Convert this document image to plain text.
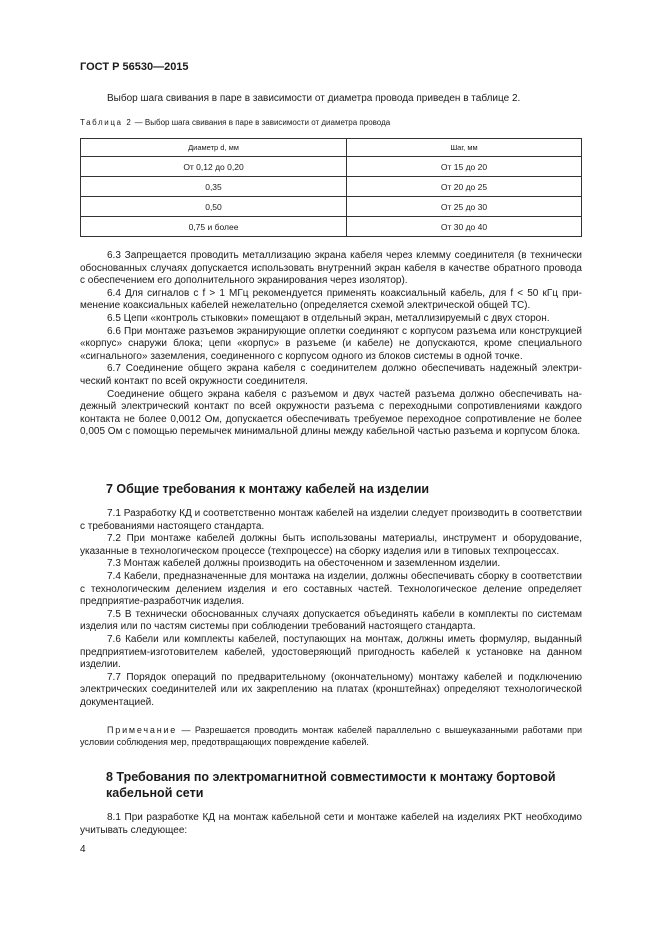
ГОСТ Р 56530—2015
Выбор шага свивания в паре в зависимости от диаметра провода приведен в таблице 2.
Таблица 2 — Выбор шага свивания в паре в зависимости от диаметра провода
Диаметр d, мм	Шаг, мм
От 0,12 до 0,20	От 15 до 20
0,35	От 20 до 25
0,50	От 25 до 30
0,75 и более	От 30 до 40

6.3 Запрещается проводить металлизацию экрана кабеля через клемму соединителя (в технически обоснованных случаях допускается использовать внутренний экран кабеля в качестве обратного провода с обеспечением его дополнительного экранирования через изолятор).

6.4 Для сигналов с f > 1 МГц рекомендуется применять коаксиальный кабель, для f < 50 кГц применение коаксиальных кабелей нежелательно (определяется схемой электрической общей ТС).

6.5 Цепи «контроль стыковки» помещают в отдельный экран, металлизируемый с двух сторон.

6.6 При монтаже разъемов экранирующие оплетки соединяют с корпусом разъема или конструкцией «корпус» снаружи блока; цепи «корпус» в разъеме (и кабеле) не допускаются, кроме специального «сигнального» заземления, соединенного с корпусом одного из блоков системы в одной точке.

6.7 Соединение общего экрана кабеля с соединителем должно обеспечивать надежный электрический контакт по всей окружности соединителя.

Соединение общего экрана кабеля с разъемом и двух частей разъема должно обеспечивать надежный электрический контакт по всей окружности разъема с переходными сопротивлениями каждого контакта не более 0,0012 Ом, допускается обеспечивать требуемое переходное сопротивление не более 0,005 Ом с помощью перемычек минимальной длины между кабельной частью разъема и корпусом блока.

7 Общие требования к монтажу кабелей на изделии

7.1 Разработку КД и соответственно монтаж кабелей на изделии следует производить в соответствии с требованиями настоящего стандарта.

7.2 При монтаже кабелей должны быть использованы материалы, инструмент и оборудование, указанные в технологическом процессе (техпроцессе) на сборку изделия или в типовых техпроцессах.

7.3 Монтаж кабелей должны производить на обесточенном и заземленном изделии.

7.4 Кабели, предназначенные для монтажа на изделии, должны обеспечивать сборку в соответствии с технологическим делением изделия и его составных частей. Технологическое деление определяет предприятие-разработчик изделия.

7.5 В технически обоснованных случаях допускается объединять кабели в комплекты по системам изделия или по частям системы при соблюдении требований настоящего стандарта.

7.6 Кабели или комплекты кабелей, поступающих на монтаж, должны иметь формуляр, выданный предприятием-изготовителем кабелей, удостоверяющий пригодность кабелей к установке на данном изделии.

7.7 Порядок операций по предварительному (окончательному) монтажу кабелей и подключению электрических соединителей или их закреплению на платах (кронштейнах) определяют технологической документацией.

Примечание — Разрешается проводить монтаж кабелей параллельно с вышеуказанными работами при условии соблюдения мер, предотвращающих повреждение кабелей.
8 Требования по электромагнитной совместимости к монтажу бортовой кабельной сети

8.1 При разработке КД на монтаж кабельной сети и монтаже кабелей на изделиях РКТ необходимо учитывать следующее:

4
